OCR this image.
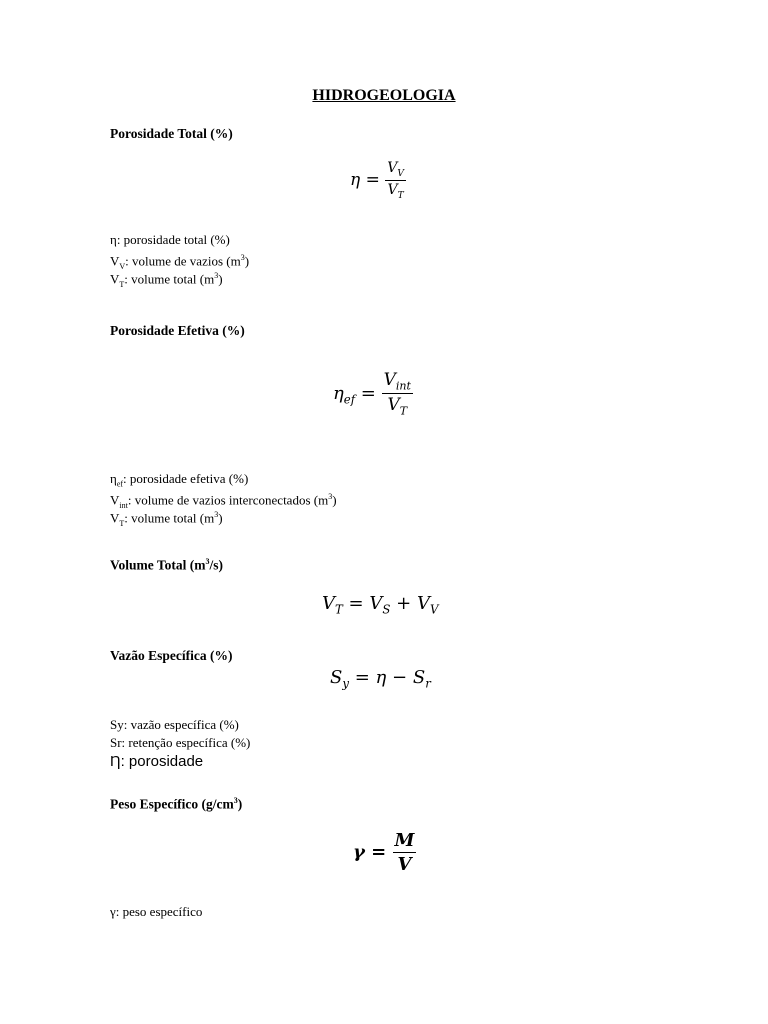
HIDROGEOLOGIA
Porosidade Total (%)
$\eta = \frac{V_V}{V_T}$
η: porosidade total (%)
$V_V$: volume de vazios $(m^3)$
$V_T$: volume total $(m^3)$
Porosidade Efetiva (%)
$\eta_{ef} = \frac{V_{int}}{V_T}$
$\eta_{ef}$: porosidade efetiva (%)
$V_{int}$: volume de vazios interconectados $(m^3)$
$V_T$: volume total $(m^3)$
Volume Total $(m^3/s)$
$V_T = V_S + V_V$
Vazão Específica (%)
$S_y = \eta - S_r$
Sy: vazão específica (%)
Sr: retenção específica (%)
Ƞ: porosidade
Peso Específico $(g/cm^3)$
$\gamma = \frac{M}{V}$
γ: peso específico
